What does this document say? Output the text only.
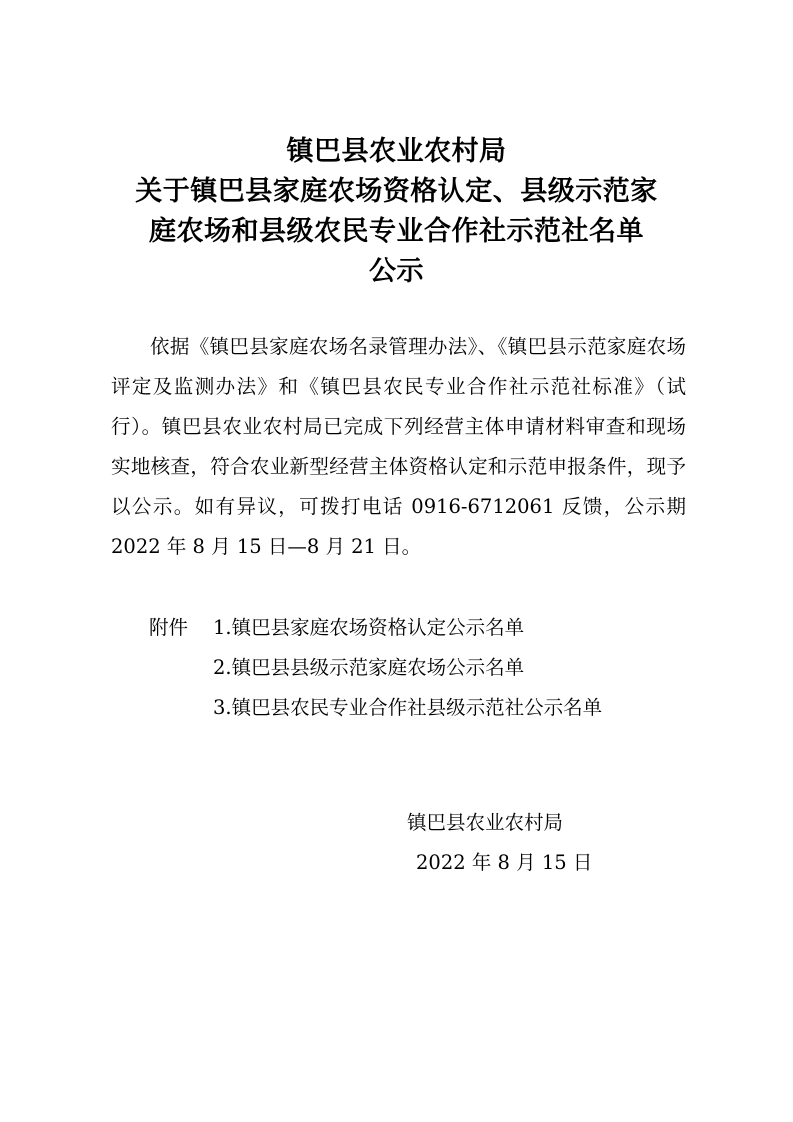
镇巴县农业农村局
关于镇巴县家庭农场资格认定、县级示范家
庭农场和县级农民专业合作社示范社名单
公示

依据《镇巴县家庭农场名录管理办法》、《镇巴县示范家庭农场评定及监测办法》和《镇巴县农民专业合作社示范社标准》（试行）。镇巴县农业农村局已完成下列经营主体申请材料审查和现场实地核查，符合农业新型经营主体资格认定和示范申报条件，现予以公示。如有异议，可拨打电话 0916-6712061 反馈，公示期 2022 年 8 月 15 日—8 月 21 日。

附件	1.镇巴县家庭农场资格认定公示名单
2.镇巴县县级示范家庭农场公示名单
3.镇巴县农民专业合作社县级示范社公示名单
镇巴县农业农村局
2022 年 8 月 15 日
